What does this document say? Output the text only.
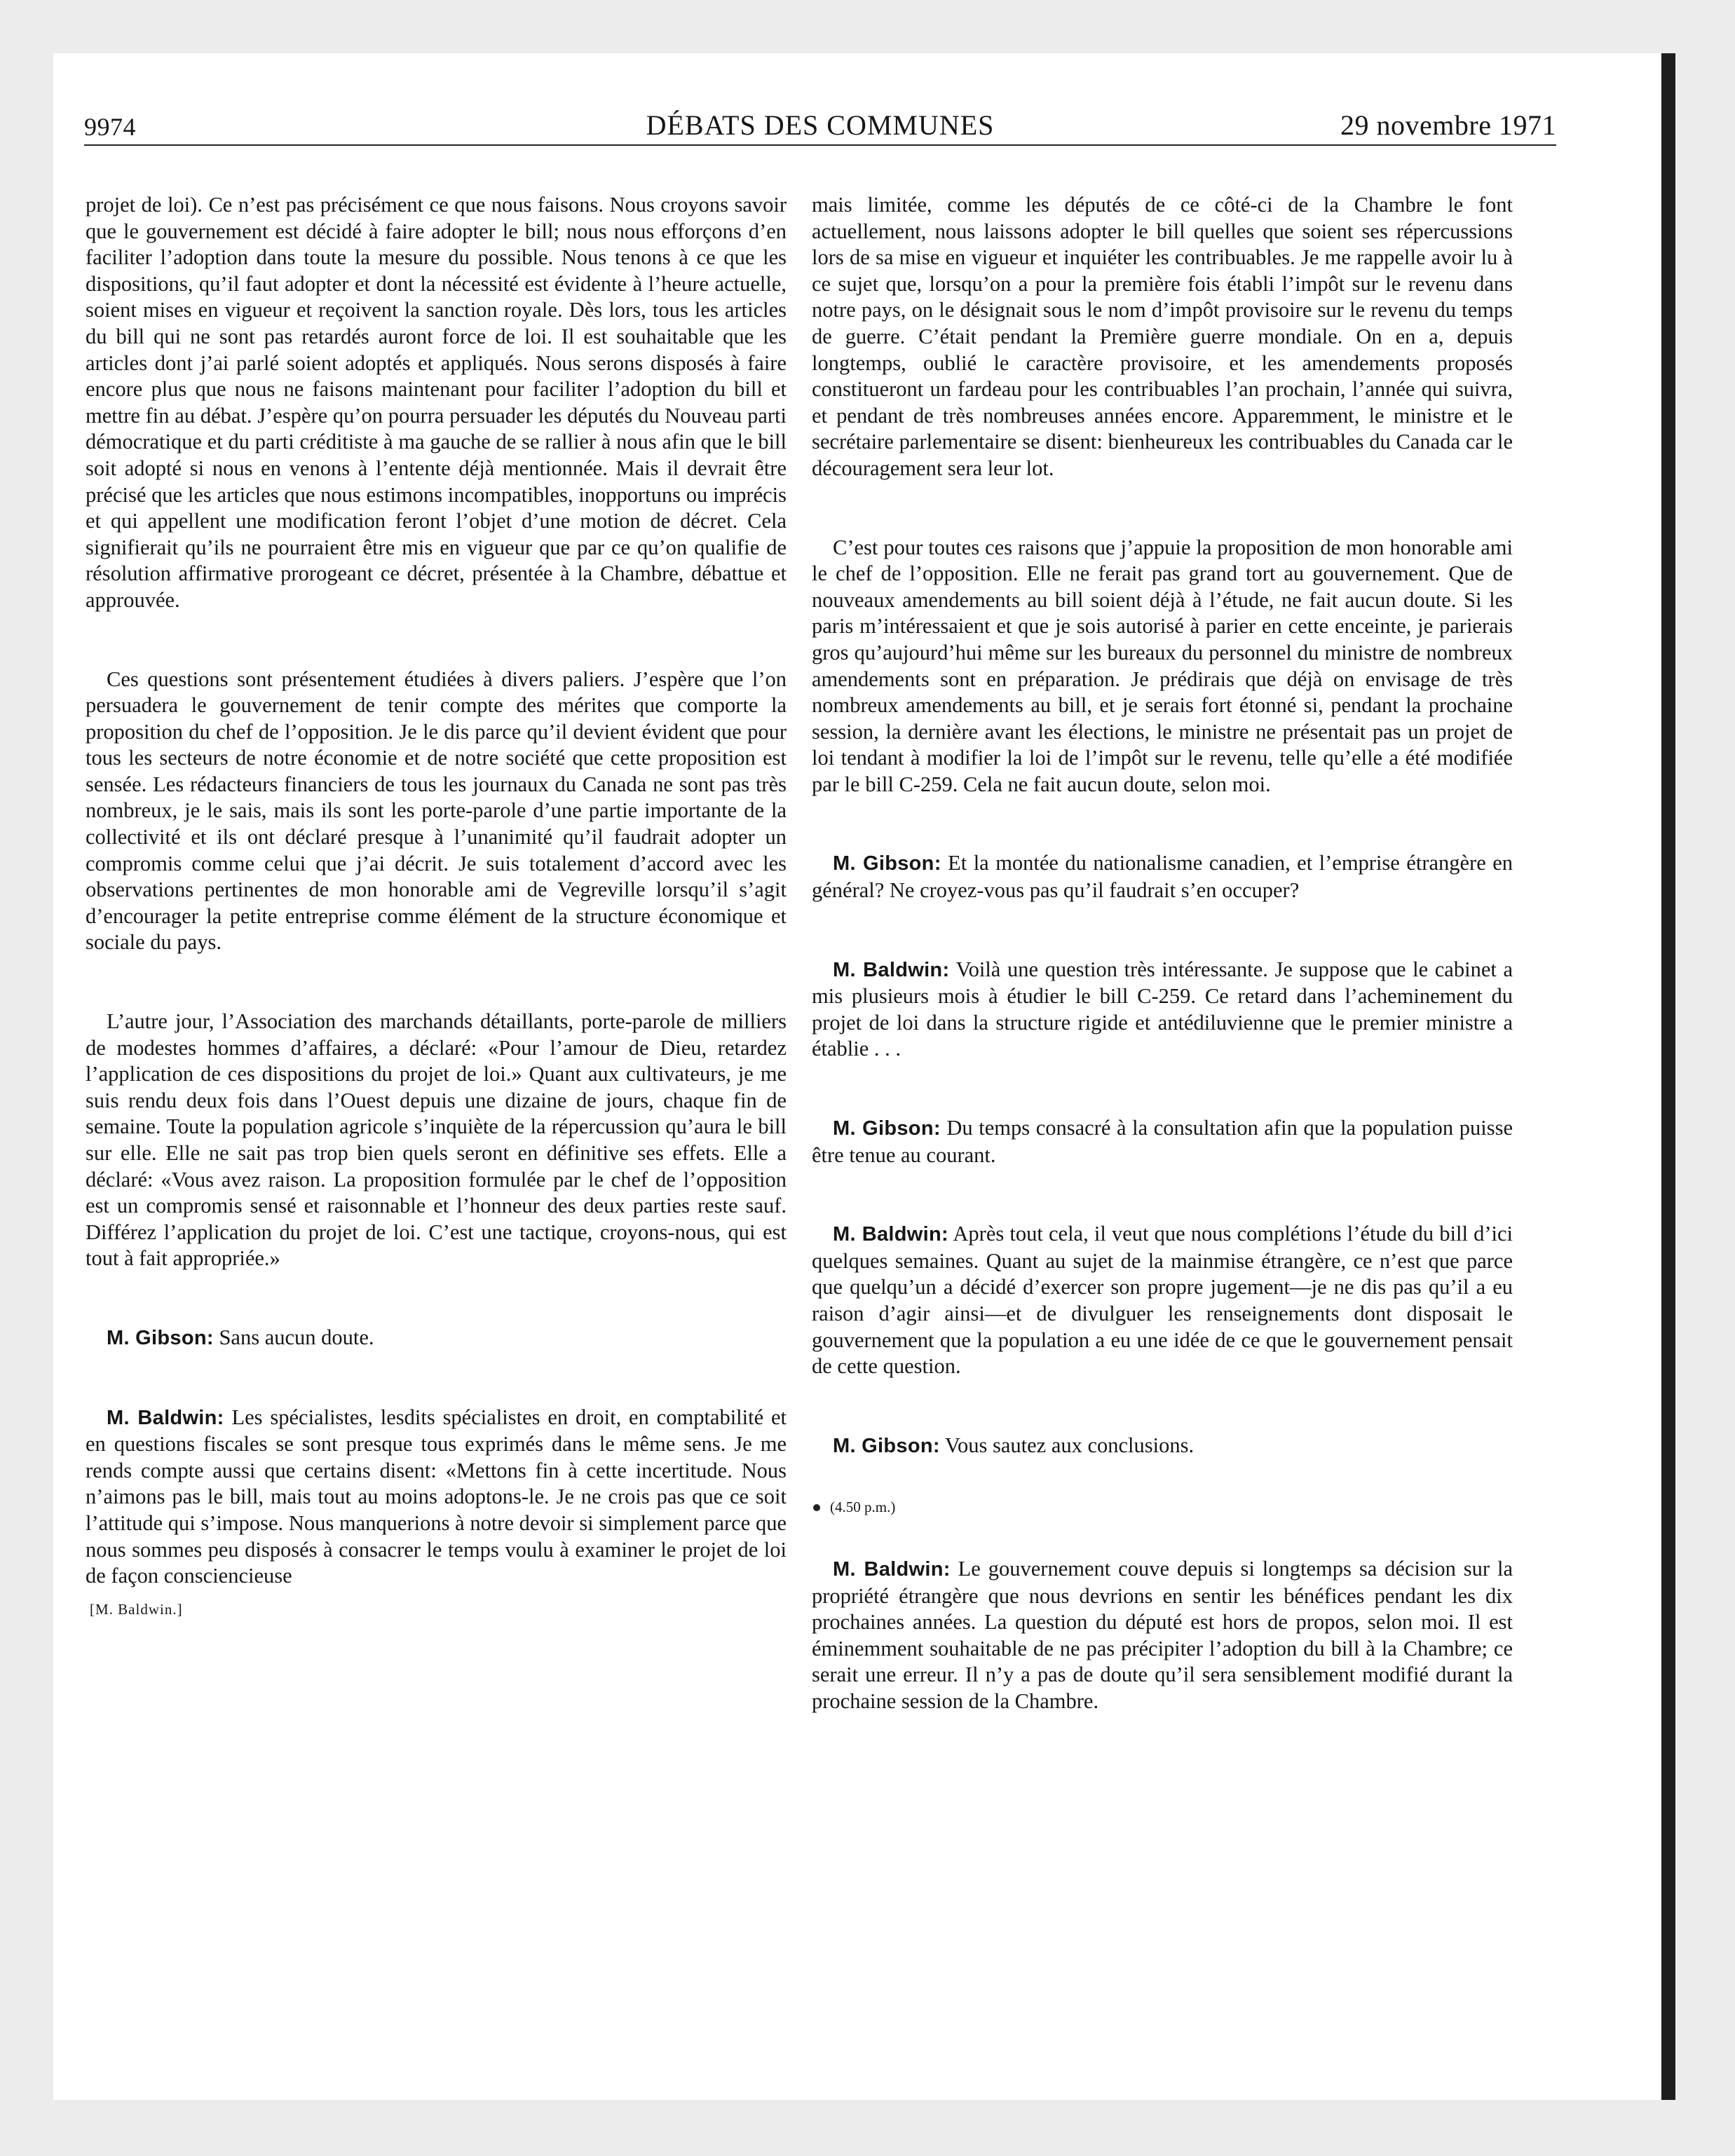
DÉBATS DES COMMUNES
9974	29 novembre 1971

projet de loi). Ce n’est pas précisément ce que nous faisons. Nous croyons savoir que le gouvernement est décidé à faire adopter le bill; nous nous efforçons d’en faciliter l’adoption dans toute la mesure du possible. Nous tenons à ce que les dispositions, qu’il faut adopter et dont la nécessité est évidente à l’heure actuelle, soient mises en vigueur et reçoivent la sanction royale. Dès lors, tous les articles du bill qui ne sont pas retardés auront force de loi. Il est souhaitable que les articles dont j’ai parlé soient adoptés et appliqués. Nous serons disposés à faire encore plus que nous ne faisons maintenant pour faciliter l’adoption du bill et mettre fin au débat. J’espère qu’on pourra persuader les députés du Nouveau parti démocratique et du parti créditiste à ma gauche de se rallier à nous afin que le bill soit adopté si nous en venons à l’entente déjà mentionnée. Mais il devrait être précisé que les articles que nous estimons incompatibles, inopportuns ou imprécis et qui appellent une modification feront l’objet d’une motion de décret. Cela signifierait qu’ils ne pourraient être mis en vigueur que par ce qu’on qualifie de résolution affirmative prorogeant ce décret, présentée à la Chambre, débattue et approuvée.

Ces questions sont présentement étudiées à divers paliers. J’espère que l’on persuadera le gouvernement de tenir compte des mérites que comporte la proposition du chef de l’opposition. Je le dis parce qu’il devient évident que pour tous les secteurs de notre économie et de notre société que cette proposition est sensée. Les rédacteurs financiers de tous les journaux du Canada ne sont pas très nombreux, je le sais, mais ils sont les porte-parole d’une partie importante de la collectivité et ils ont déclaré presque à l’unanimité qu’il faudrait adopter un compromis comme celui que j’ai décrit. Je suis totalement d’accord avec les observations pertinentes de mon honorable ami de Vegreville lorsqu’il s’agit d’encourager la petite entreprise comme élément de la structure économique et sociale du pays.

L’autre jour, l’Association des marchands détaillants, porte-parole de milliers de modestes hommes d’affaires, a déclaré: «Pour l’amour de Dieu, retardez l’application de ces dispositions du projet de loi.» Quant aux cultivateurs, je me suis rendu deux fois dans l’Ouest depuis une dizaine de jours, chaque fin de semaine. Toute la population agricole s’inquiète de la répercussion qu’aura le bill sur elle. Elle ne sait pas trop bien quels seront en définitive ses effets. Elle a déclaré: «Vous avez raison. La proposition formulée par le chef de l’opposition est un compromis sensé et raisonnable et l’honneur des deux parties reste sauf. Différez l’application du projet de loi. C’est une tactique, croyons-nous, qui est tout à fait appropriée.»

M. Gibson: Sans aucun doute.

M. Baldwin: Les spécialistes, lesdits spécialistes en droit, en comptabilité et en questions fiscales se sont presque tous exprimés dans le même sens. Je me rends compte aussi que certains disent: «Mettons fin à cette incertitude. Nous n’aimons pas le bill, mais tout au moins adoptons-le. Je ne crois pas que ce soit l’attitude qui s’impose. Nous manquerions à notre devoir si simplement parce que nous sommes peu disposés à consacrer le temps voulu à examiner le projet de loi de façon consciencieuse

[M. Baldwin.]

mais limitée, comme les députés de ce côté-ci de la Chambre le font actuellement, nous laissons adopter le bill quelles que soient ses répercussions lors de sa mise en vigueur et inquiéter les contribuables. Je me rappelle avoir lu à ce sujet que, lorsqu’on a pour la première fois établi l’impôt sur le revenu dans notre pays, on le désignait sous le nom d’impôt provisoire sur le revenu du temps de guerre. C’était pendant la Première guerre mondiale. On en a, depuis longtemps, oublié le caractère provisoire, et les amendements proposés constitueront un fardeau pour les contribuables l’an prochain, l’année qui suivra, et pendant de très nombreuses années encore. Apparemment, le ministre et le secrétaire parlementaire se disent: bienheureux les contribuables du Canada car le découragement sera leur lot.

C’est pour toutes ces raisons que j’appuie la proposition de mon honorable ami le chef de l’opposition. Elle ne ferait pas grand tort au gouvernement. Que de nouveaux amendements au bill soient déjà à l’étude, ne fait aucun doute. Si les paris m’intéressaient et que je sois autorisé à parier en cette enceinte, je parierais gros qu’aujourd’hui même sur les bureaux du personnel du ministre de nombreux amendements sont en préparation. Je prédirais que déjà on envisage de très nombreux amendements au bill, et je serais fort étonné si, pendant la prochaine session, la dernière avant les élections, le ministre ne présentait pas un projet de loi tendant à modifier la loi de l’impôt sur le revenu, telle qu’elle a été modifiée par le bill C-259. Cela ne fait aucun doute, selon moi.

M. Gibson: Et la montée du nationalisme canadien, et l’emprise étrangère en général? Ne croyez-vous pas qu’il faudrait s’en occuper?

M. Baldwin: Voilà une question très intéressante. Je suppose que le cabinet a mis plusieurs mois à étudier le bill C-259. Ce retard dans l’acheminement du projet de loi dans la structure rigide et antédiluvienne que le premier ministre a établie . . .

M. Gibson: Du temps consacré à la consultation afin que la population puisse être tenue au courant.

M. Baldwin: Après tout cela, il veut que nous complétions l’étude du bill d’ici quelques semaines. Quant au sujet de la mainmise étrangère, ce n’est que parce que quelqu’un a décidé d’exercer son propre jugement—je ne dis pas qu’il a eu raison d’agir ainsi—et de divulguer les renseignements dont disposait le gouvernement que la population a eu une idée de ce que le gouvernement pensait de cette question.

M. Gibson: Vous sautez aux conclusions.

(4.50 p.m.)

M. Baldwin: Le gouvernement couve depuis si longtemps sa décision sur la propriété étrangère que nous devrions en sentir les bénéfices pendant les dix prochaines années. La question du député est hors de propos, selon moi. Il est éminemment souhaitable de ne pas précipiter l’adoption du bill à la Chambre; ce serait une erreur. Il n’y a pas de doute qu’il sera sensiblement modifié durant la prochaine session de la Chambre.
